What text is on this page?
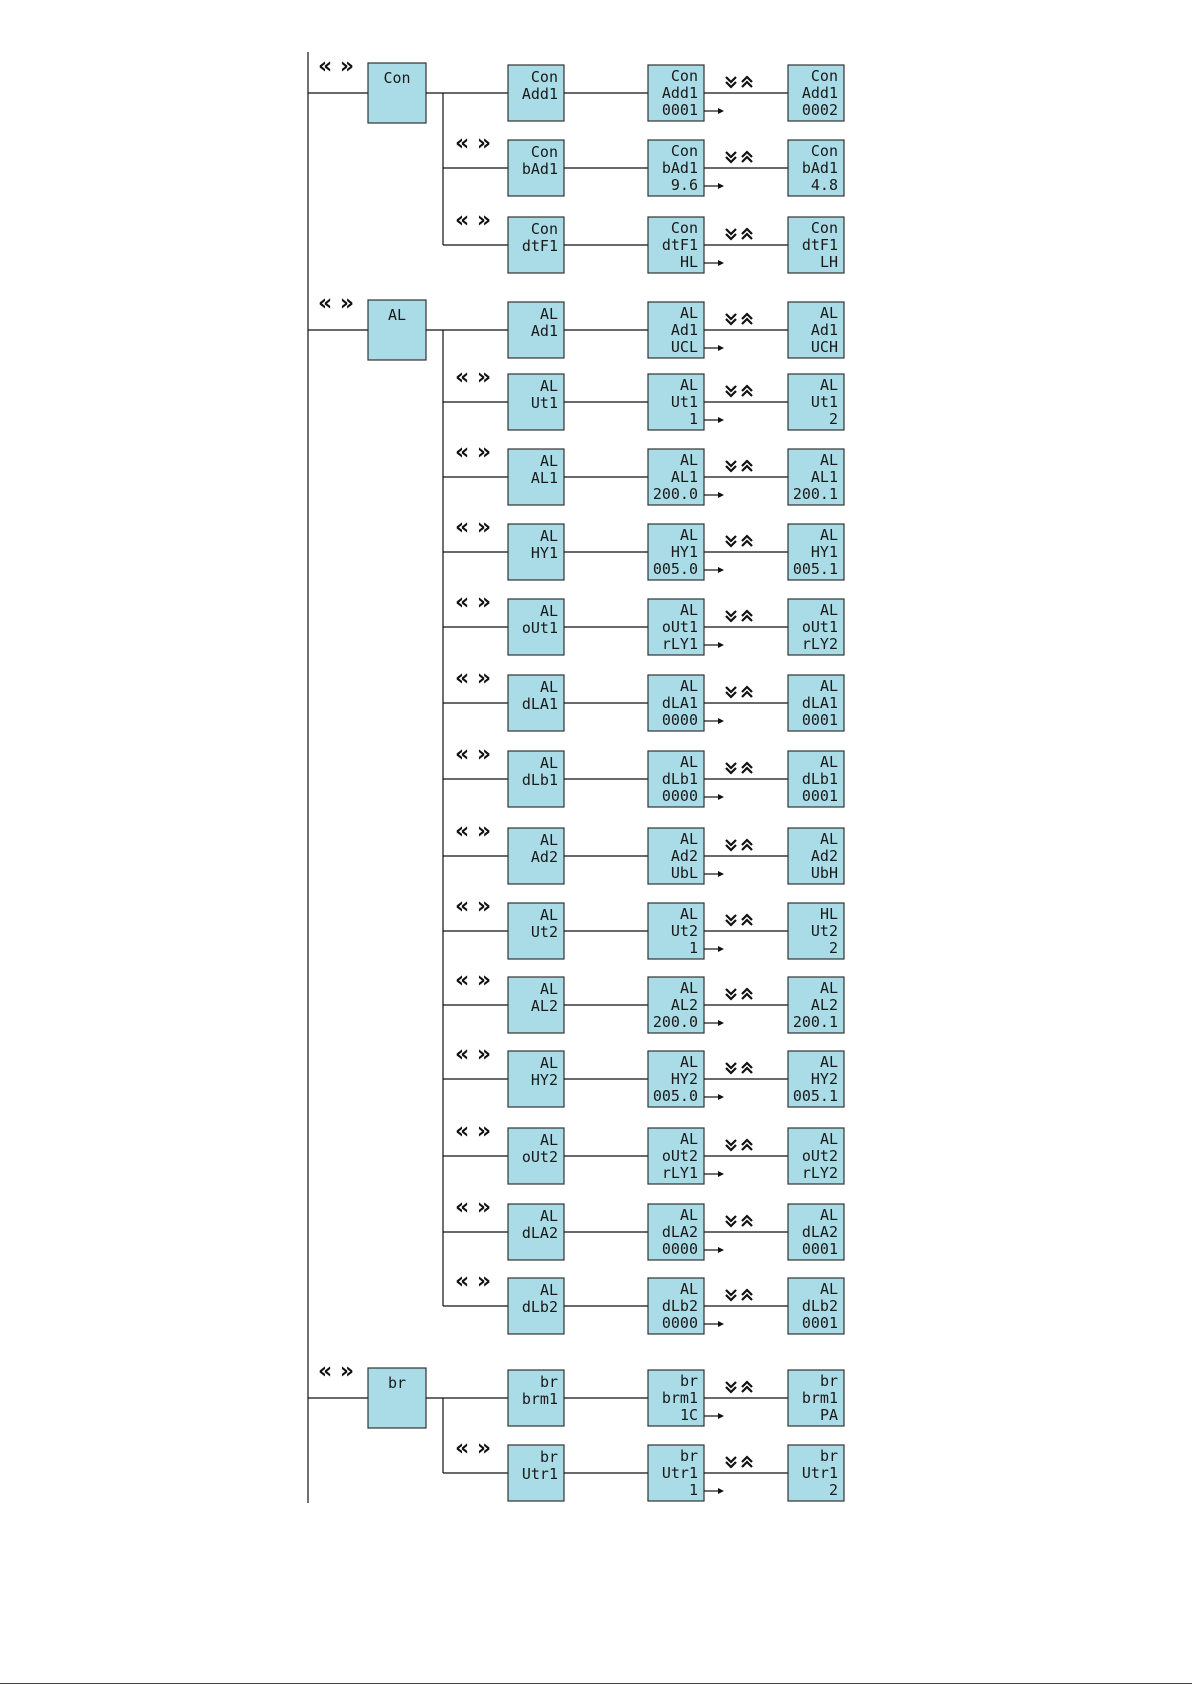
« » Con	Con
Add1
Con
Add1
0001
Con
Add1
0002
« »	Con
bAd1
Con
bAd1
9.6
Con
bAd1
4.8
« »	Con
dtF1
Con
dtF1
HL
Con
dtF1
LH
« » AL	AL
Ad1
AL
Ad1
UCL
AL
Ad1
UCH
« »	AL
Ut1
AL
Ut1
1
AL
Ut1
2
« »	AL
AL1
AL
AL1
200.0
AL
AL1
200.1
« »	AL
HY1
AL
HY1
005.0
AL
HY1
005.1
« »	AL
oUt1
AL
oUt1
rLY1
AL
oUt1
rLY2
« »	AL
dLA1
AL
dLA1
0000
AL
dLA1
0001
« »	AL
dLb1
AL
dLb1
0000
AL
dLb1
0001
« »	AL
Ad2
AL
Ad2
UbL
AL
Ad2
UbH
« »	AL
Ut2
AL
Ut2
1
HL
Ut2
2
« »	AL
AL2
AL
AL2
200.0
AL
AL2
200.1
« »	AL
HY2
AL
HY2
005.0
AL
HY2
005.1
« »	AL
oUt2
AL
oUt2
rLY1
AL
oUt2
rLY2
« »	AL
dLA2
AL
dLA2
0000
AL
dLA2
0001
« »	AL
dLb2
AL
dLb2
0000
AL
dLb2
0001
« » br	br
brm1
br
brm1
1C
br
brm1
PA
« »	br
Utr1
br
Utr1
1
br
Utr1
2
